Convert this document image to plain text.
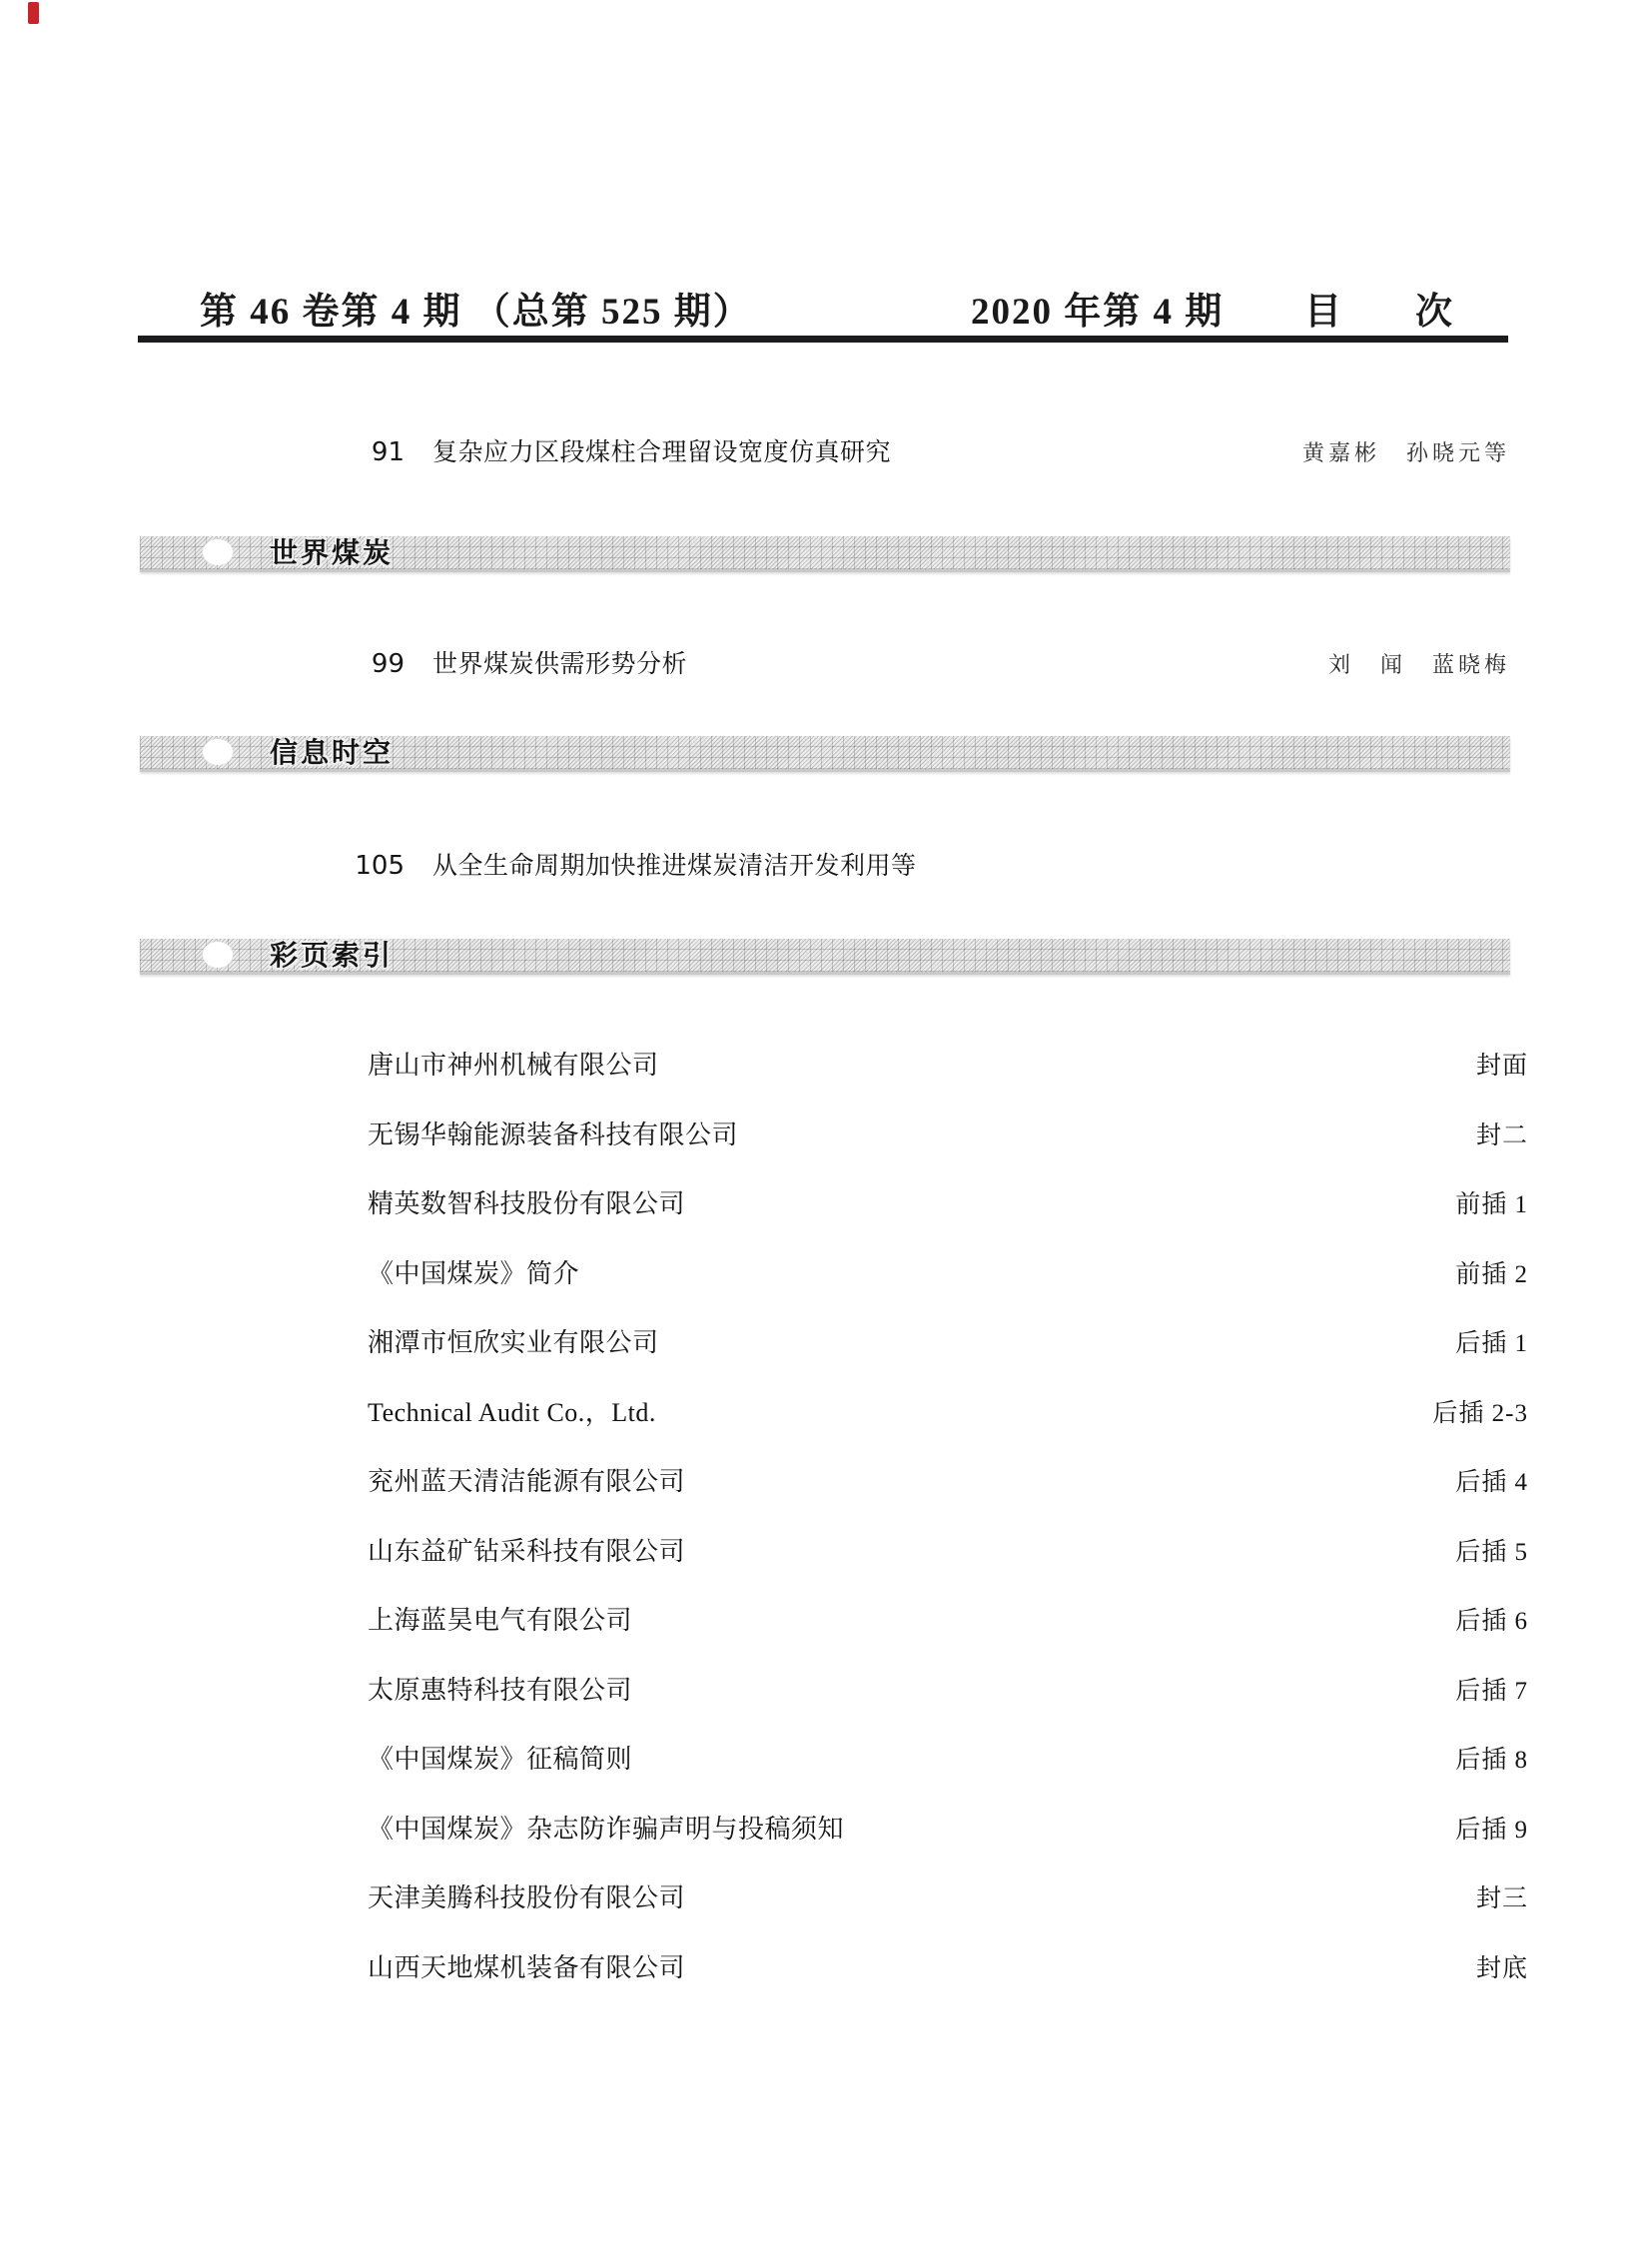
第 46 卷第 4 期 （总第 525 期）	2020 年第 4 期 目　　次
91 复杂应力区段煤柱合理留设宽度仿真研究	黄嘉彬　孙晓元等
世界煤炭
99 世界煤炭供需形势分析	刘　闻　蓝晓梅
信息时空
105 从全生命周期加快推进煤炭清洁开发利用等
彩页索引
唐山市神州机械有限公司	封面
无锡华翰能源装备科技有限公司	封二
精英数智科技股份有限公司	前插 1
《中国煤炭》简介	前插 2
湘潭市恒欣实业有限公司	后插 1
Technical Audit Co.，Ltd.	后插 2-3
兖州蓝天清洁能源有限公司	后插 4
山东益矿钻采科技有限公司	后插 5
上海蓝昊电气有限公司	后插 6
太原惠特科技有限公司	后插 7
《中国煤炭》征稿简则	后插 8
《中国煤炭》杂志防诈骗声明与投稿须知	后插 9
天津美腾科技股份有限公司	封三
山西天地煤机装备有限公司	封底
